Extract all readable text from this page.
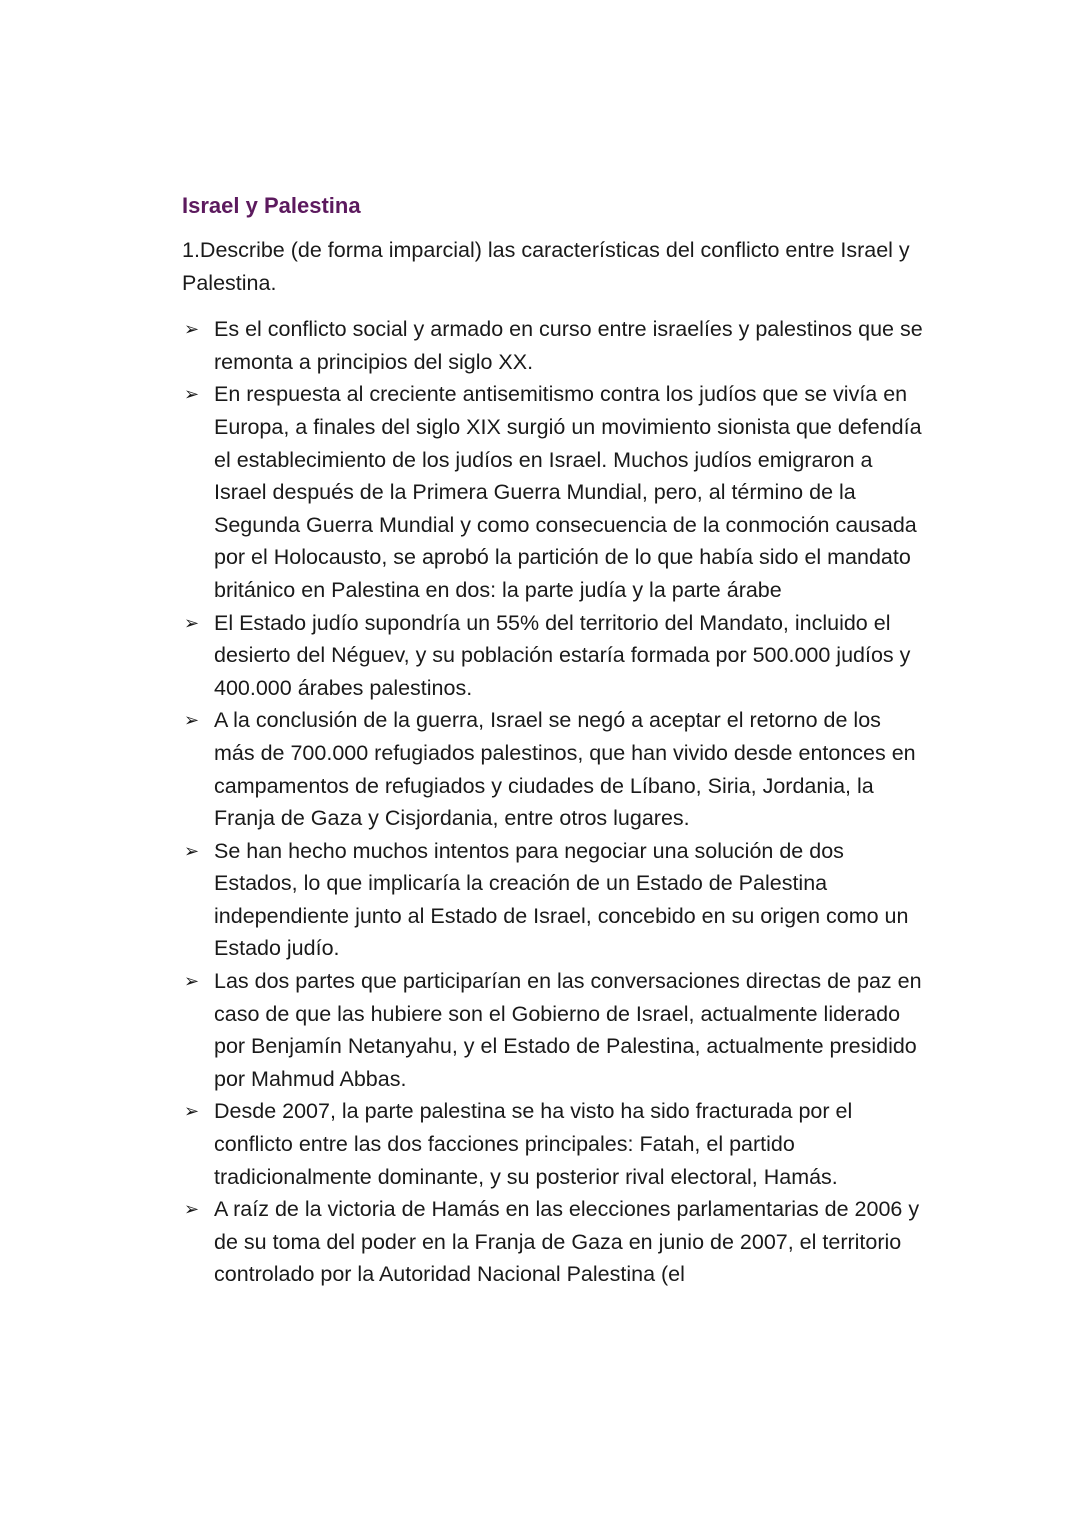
Israel y Palestina
1.Describe (de forma imparcial) las características del conflicto entre Israel y Palestina.
➢ Es el conflicto social y armado en curso entre israelíes y palestinos que se remonta a principios del siglo XX.
➢ En respuesta al creciente antisemitismo contra los judíos que se vivía en Europa, a finales del siglo XIX surgió un movimiento sionista que defendía el establecimiento de los judíos en Israel. Muchos judíos emigraron a Israel después de la Primera Guerra Mundial, pero, al término de la Segunda Guerra Mundial y como consecuencia de la conmoción causada por el Holocausto, se aprobó la partición de lo que había sido el mandato británico en Palestina en dos: la parte judía y la parte árabe
➢ El Estado judío supondría un 55% del territorio del Mandato, incluido el desierto del Néguev, y su población estaría formada por 500.000 judíos y 400.000 árabes palestinos.
➢ A la conclusión de la guerra, Israel se negó a aceptar el retorno de los más de 700.000 refugiados palestinos, que han vivido desde entonces en campamentos de refugiados y ciudades de Líbano, Siria, Jordania, la Franja de Gaza y Cisjordania, entre otros lugares.
➢ Se han hecho muchos intentos para negociar una solución de dos Estados, lo que implicaría la creación de un Estado de Palestina independiente junto al Estado de Israel, concebido en su origen como un Estado judío.
➢ Las dos partes que participarían en las conversaciones directas de paz en caso de que las hubiere son el Gobierno de Israel, actualmente liderado por Benjamín Netanyahu, y el Estado de Palestina, actualmente presidido por Mahmud Abbas.
➢ Desde 2007, la parte palestina se ha visto ha sido fracturada por el conflicto entre las dos facciones principales: Fatah, el partido tradicionalmente dominante, y su posterior rival electoral, Hamás.
➢ A raíz de la victoria de Hamás en las elecciones parlamentarias de 2006 y de su toma del poder en la Franja de Gaza en junio de 2007, el territorio controlado por la Autoridad Nacional Palestina (el
